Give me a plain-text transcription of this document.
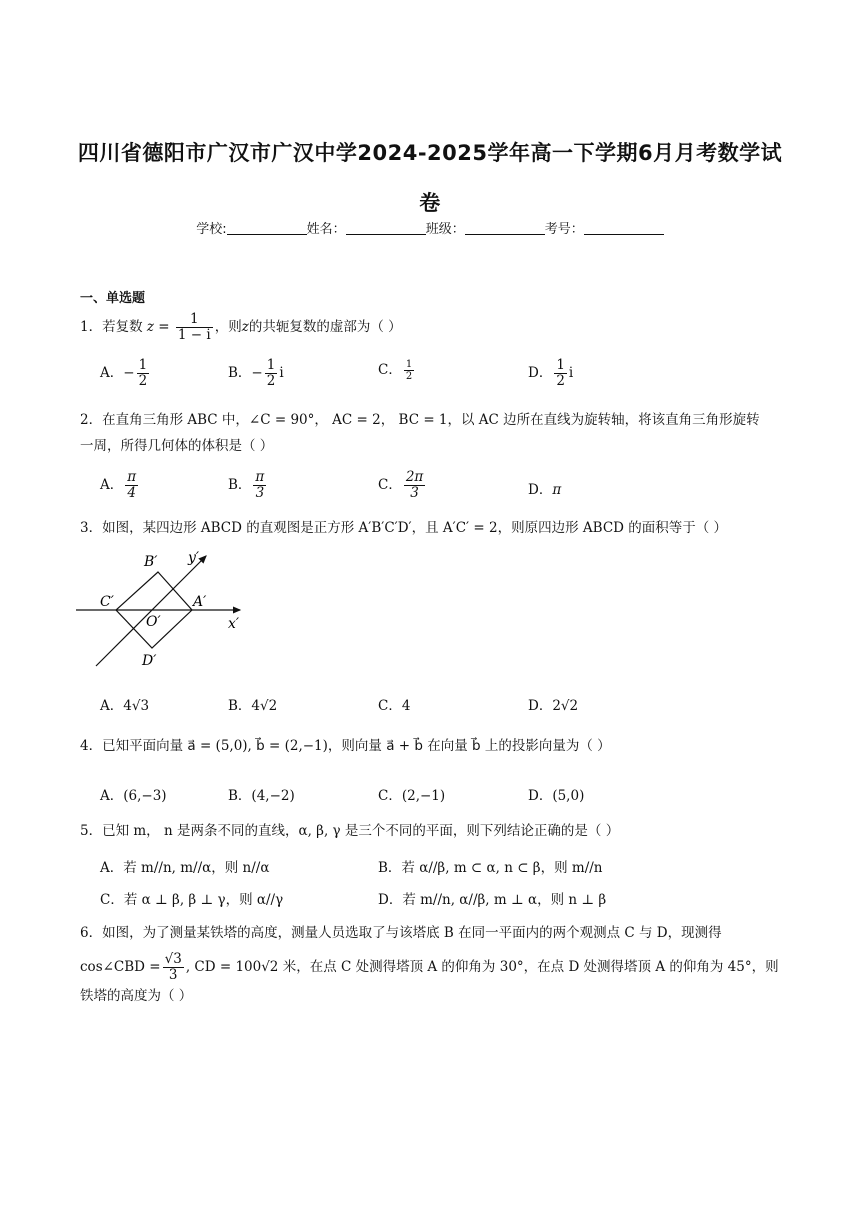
四川省德阳市广汉市广汉中学2024-2025学年高一下学期6月月考数学试
卷
学校:	姓名：	班级：	考号：
一、单选题
1．若复数 $z = \frac{1}{1 - i}$ ，则z的共轭复数的虚部为（ ）
A．− $\frac{1}{2}$	B．− $\frac{1}{2}$ i	C． $\frac{1}{2}$	D． $\frac{1}{2}$ i
2．在直角三角形 ABC 中，∠C = 90°， AC = 2， BC = 1，以 AC 边所在直线为旋转轴，将该直角三角形旋转
一周，所得几何体的体积是（ ）
A． $\frac{\pi}{4}$	B． $\frac{\pi}{3}$	C． $\frac{2\pi}{3}$	D．π
3．如图，某四边形 ABCD 的直观图是正方形 A′B′C′D′，且 A′C′ = 2，则原四边形 ABCD 的面积等于（ ）
B′
C′	A′
O′
D′
x′
y′
A．4√3	B．4√2	C．4	D．2√2
4．已知平面向量 a⃗ = (5,0), b⃗ = (2,−1)，则向量 a⃗ + b⃗ 在向量 b⃗ 上的投影向量为（ ）
A．(6,−3)	B．(4,−2)	C．(2,−1)	D．(5,0)
5．已知 m， n 是两条不同的直线，α, β, γ 是三个不同的平面，则下列结论正确的是（ ）
A．若 m//n, m//α，则 n//α	B．若 α//β, m ⊂ α, n ⊂ β，则 m//n
C．若 α ⊥ β, β ⊥ γ，则 α//γ	D．若 m//n, α//β, m ⊥ α，则 n ⊥ β
6．如图，为了测量某铁塔的高度，测量人员选取了与该塔底 B 在同一平面内的两个观测点 C 与 D，现测得
cos∠CBD = $\frac{√3}{3}$ , CD = 100√2 米，在点 C 处测得塔顶 A 的仰角为 30°，在点 D 处测得塔顶 A 的仰角为 45°，则
铁塔的高度为（ ）
